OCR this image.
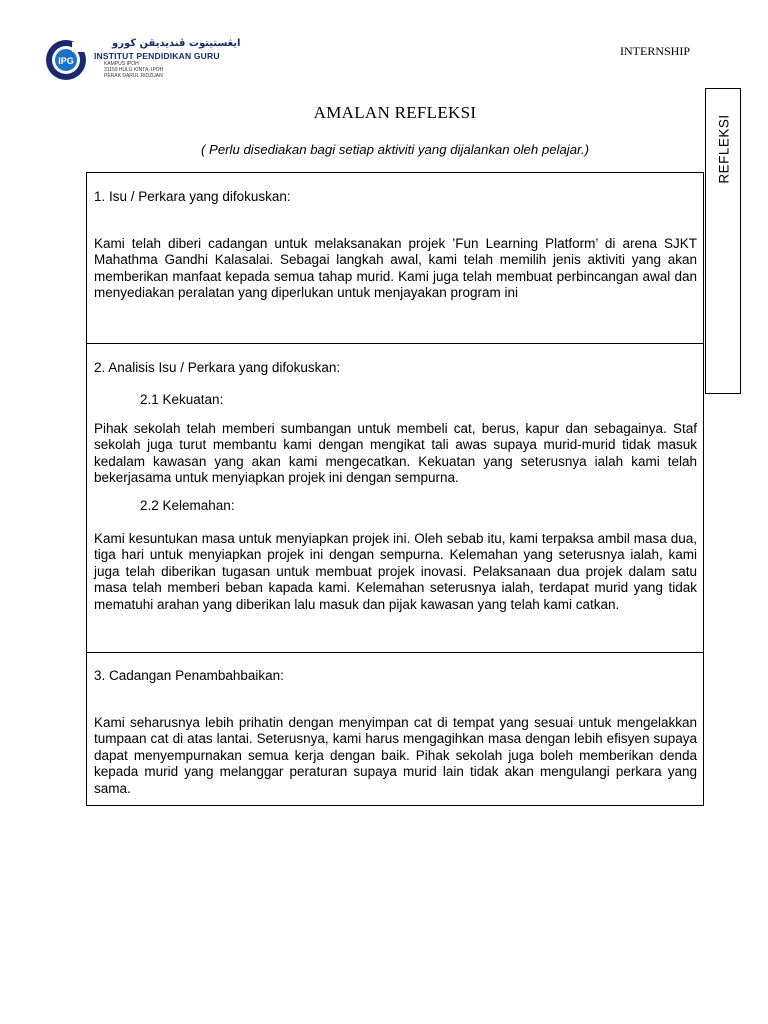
IPG
ايڠستيتوت ڤنديديقن ڬورو
INSTITUT PENDIDIKAN GURU
KAMPUS IPOH
31150 HULU KINTA, IPOH
PERAK DARUL RIDZUAN
INTERNSHIP
AMALAN REFLEKSI
( Perlu disediakan bagi setiap aktiviti yang dijalankan oleh pelajar.)	REFLEKSI
1. Isu / Perkara yang difokuskan:
Kami telah diberi cadangan untuk melaksanakan projek ’Fun Learning Platform’ di arena SJKT Mahathma Gandhi Kalasalai. Sebagai langkah awal, kami telah memilih jenis aktiviti yang akan memberikan manfaat kepada semua tahap murid. Kami juga telah membuat perbincangan awal dan menyediakan peralatan yang diperlukan untuk menjayakan program ini
2. Analisis Isu / Perkara yang difokuskan:
2.1 Kekuatan:
Pihak sekolah telah memberi sumbangan untuk membeli cat, berus, kapur dan sebagainya. Staf sekolah juga turut membantu kami dengan mengikat tali awas supaya murid-murid tidak masuk kedalam kawasan yang akan kami mengecatkan. Kekuatan yang seterusnya ialah kami telah bekerjasama untuk menyiapkan projek ini dengan sempurna.
2.2 Kelemahan:
Kami kesuntukan masa untuk menyiapkan projek ini. Oleh sebab itu, kami terpaksa ambil masa dua, tiga hari untuk menyiapkan projek ini dengan sempurna. Kelemahan yang seterusnya ialah, kami juga telah diberikan tugasan untuk membuat projek inovasi. Pelaksanaan dua projek dalam satu masa telah memberi beban kapada kami. Kelemahan seterusnya ialah, terdapat murid yang tidak mematuhi arahan yang diberikan lalu masuk dan pijak kawasan yang telah kami catkan.
3. Cadangan Penambahbaikan:
Kami seharusnya lebih prihatin dengan menyimpan cat di tempat yang sesuai untuk mengelakkan tumpaan cat di atas lantai. Seterusnya, kami harus mengagihkan masa dengan lebih efisyen supaya dapat menyempurnakan semua kerja dengan baik. Pihak sekolah juga boleh memberikan denda kepada murid yang melanggar peraturan supaya murid lain tidak akan mengulangi perkara yang sama.
